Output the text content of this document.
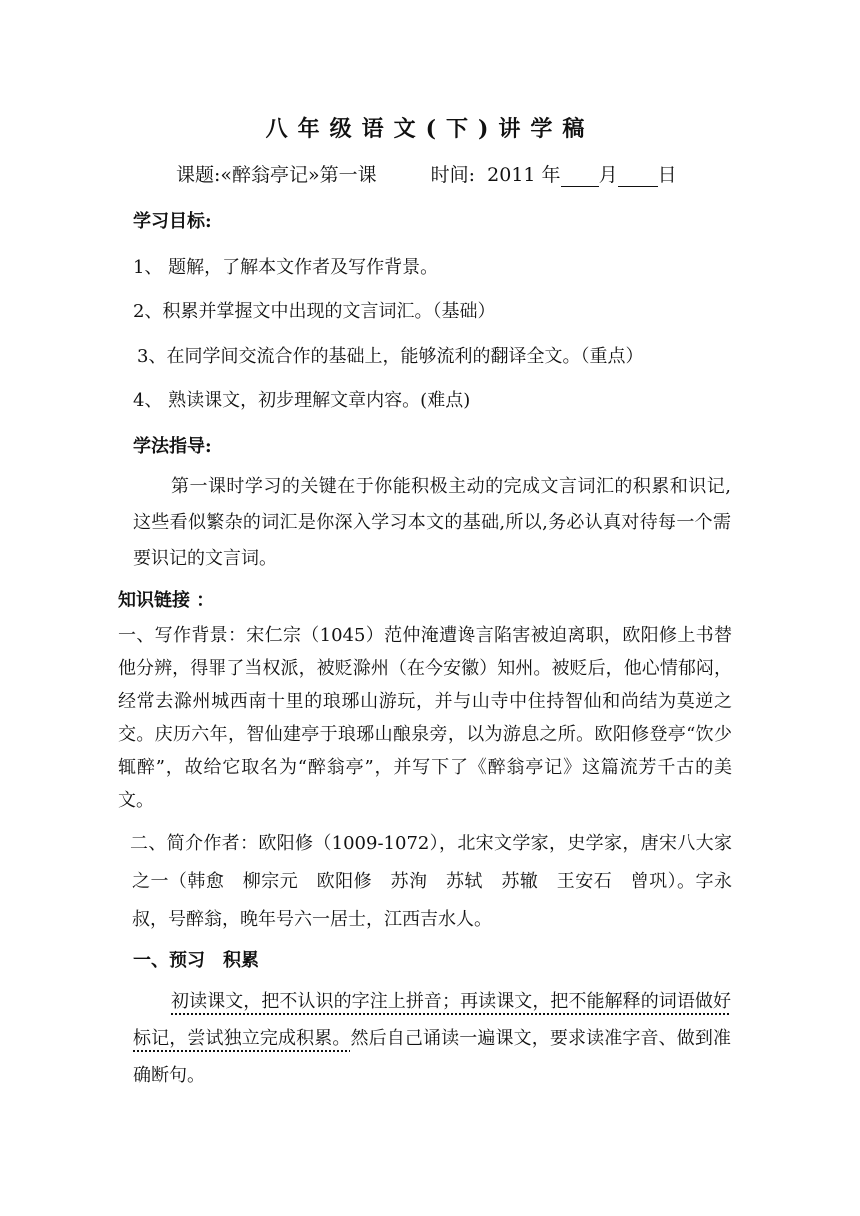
八年级语文(下)讲学稿
课题:«醉翁亭记»第一课	时间: 2011 年 月 日
学习目标:
1、 题解，了解本文作者及写作背景。
2、积累并掌握文中出现的文言词汇。（基础）
3、在同学间交流合作的基础上，能够流利的翻译全文。（重点）
4、 熟读课文，初步理解文章内容。(难点)
学法指导:
第一课时学习的关键在于你能积极主动的完成文言词汇的积累和识记,这些看似繁杂的词汇是你深入学习本文的基础,所以,务必认真对待每一个需要识记的文言词。
知识链接 ：
一、写作背景：宋仁宗（1045）范仲淹遭谗言陷害被迫离职，欧阳修上书替他分辨，得罪了当权派，被贬滁州（在今安徽）知州。被贬后，他心情郁闷，经常去滁州城西南十里的琅琊山游玩，并与山寺中住持智仙和尚结为莫逆之交。庆历六年，智仙建亭于琅琊山酿泉旁，以为游息之所。欧阳修登亭“饮少辄醉”，故给它取名为“醉翁亭”，并写下了《醉翁亭记》这篇流芳千古的美文。
二、简介作者：欧阳修（1009-1072），北宋文学家，史学家，唐宋八大家之一（韩愈　柳宗元　欧阳修　苏洵　苏轼　苏辙　王安石　曾巩）。字永叔，号醉翁，晚年号六一居士，江西吉水人。
一、预习　积累
初读课文，把不认识的字注上拼音；再读课文，把不能解释的词语做好标记，尝试独立完成积累。然后自己诵读一遍课文，要求读准字音、做到准确断句。
